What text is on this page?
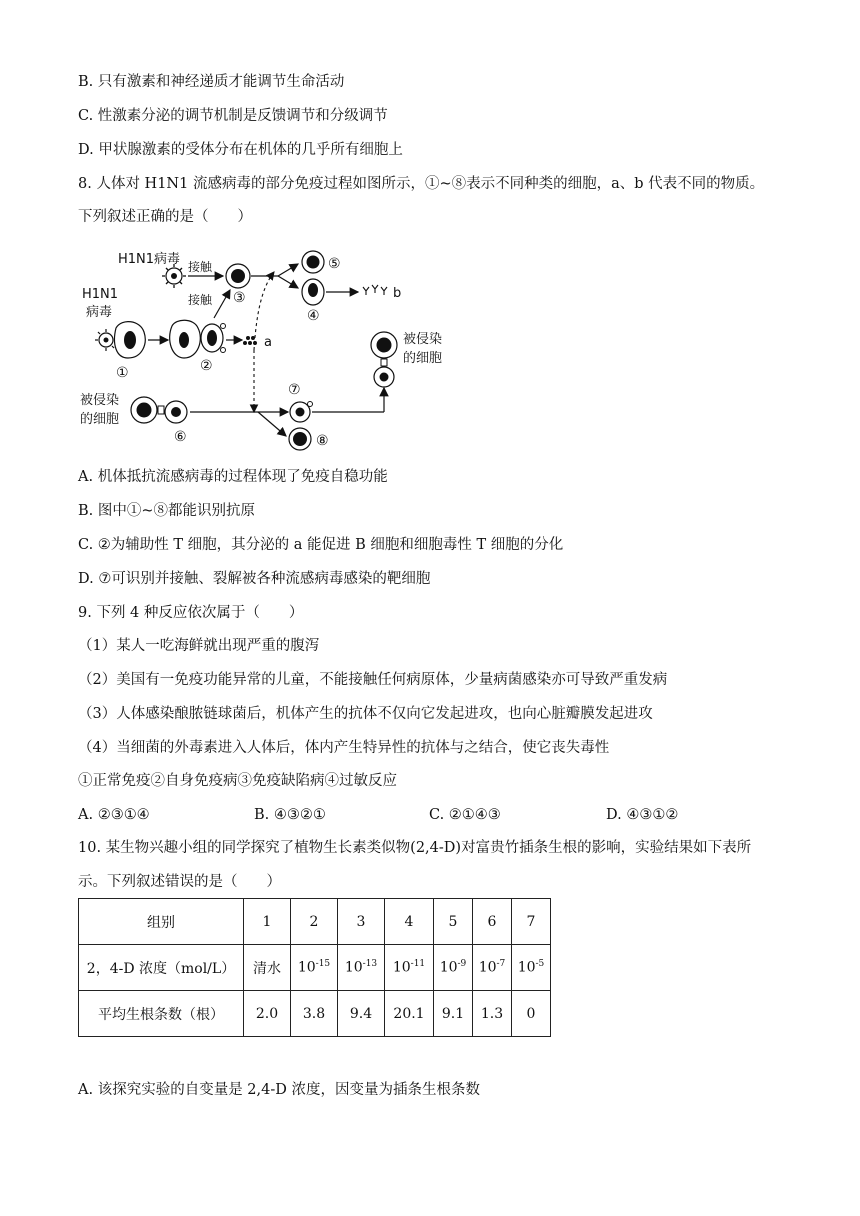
B. 只有激素和神经递质才能调节生命活动
C. 性激素分泌的调节机制是反馈调节和分级调节
D. 甲状腺激素的受体分布在机体的几乎所有细胞上
8. 人体对 H1N1 流感病毒的部分免疫过程如图所示，①~⑧表示不同种类的细胞，a、b 代表不同的物质。
下列叙述正确的是（　　）
H1N1病毒 接触
③
接触
⑤
④
b
H1N1
病毒
①	②
a
被侵染
的细胞
⑥
⑦
⑧
被侵染
的细胞
A. 机体抵抗流感病毒的过程体现了免疫自稳功能
B. 图中①~⑧都能识别抗原
C. ②为辅助性 T 细胞，其分泌的 a 能促进 B 细胞和细胞毒性 T 细胞的分化
D. ⑦可识别并接触、裂解被各种流感病毒感染的靶细胞
9. 下列 4 种反应依次属于（　　）
（1）某人一吃海鲜就出现严重的腹泻
（2）美国有一免疫功能异常的儿童，不能接触任何病原体，少量病菌感染亦可导致严重发病
（3）人体感染酿脓链球菌后，机体产生的抗体不仅向它发起进攻，也向心脏瓣膜发起进攻
（4）当细菌的外毒素进入人体后，体内产生特异性的抗体与之结合，使它丧失毒性
①正常免疫②自身免疫病③免疫缺陷病④过敏反应
A. ②③①④	B. ④③②①	C. ②①④③	D. ④③①②
10. 某生物兴趣小组的同学探究了植物生长素类似物(2,4-D)对富贵竹插条生根的影响，实验结果如下表所
示。下列叙述错误的是（　　）
组别	1	2	3	4	5	6	7
2，4-D 浓度（mol/L）	清水	$10^{-15}$	$10^{-13}$	$10^{-11}$	$10^{-9}$	$10^{-7}$	$10^{-5}$
平均生根条数（根）	2.0	3.8	9.4	20.1	9.1	1.3	0
A. 该探究实验的自变量是 2,4-D 浓度，因变量为插条生根条数
